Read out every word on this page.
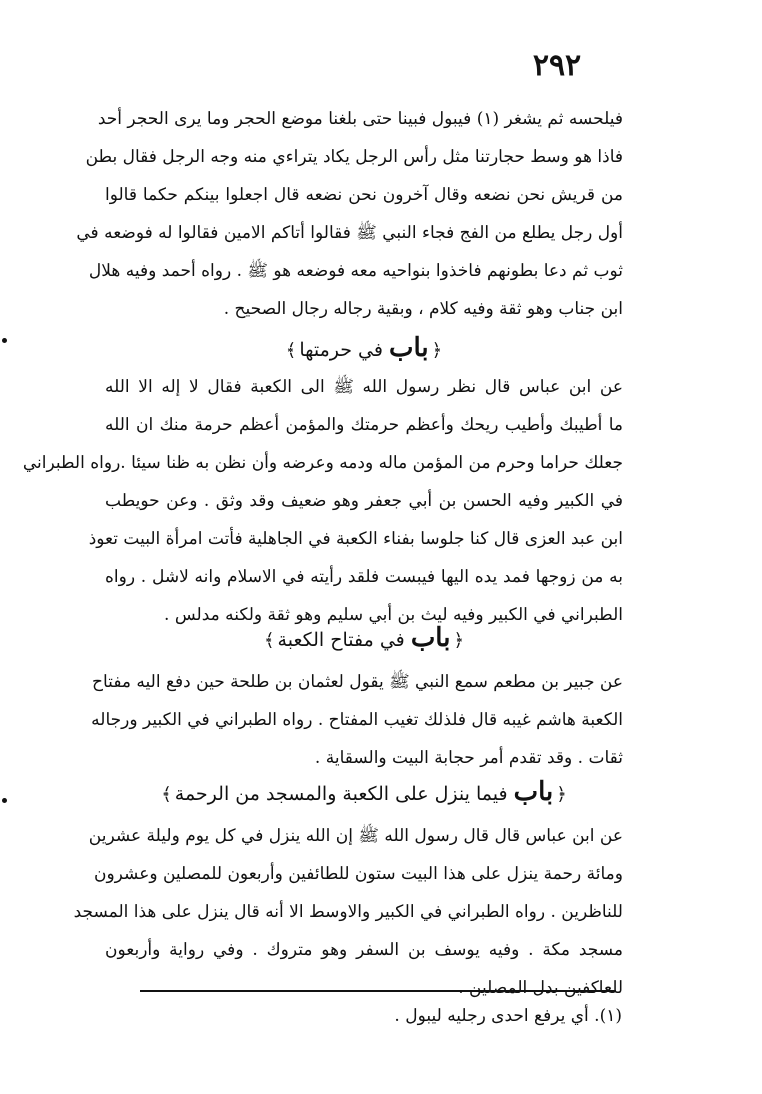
٢٩٢
فيلحسه ثم يشغر (١) فيبول فبينا حتى بلغنا موضع الحجر وما يرى الحجر أحد
فاذا هو وسط حجارتنا مثل رأس الرجل يكاد يتراءي منه وجه الرجل فقال بطن
من قريش نحن نضعه وقال آخرون نحن نضعه قال اجعلوا بينكم حكما قالوا
أول رجل يطلع من الفج فجاء النبي ﷺ فقالوا أتاكم الامين فقالوا له فوضعه في
ثوب ثم دعا بطونهم فاخذوا بنواحيه معه فوضعه هو ﷺ . رواه أحمد وفيه هلال
ابن جناب وهو ثقة وفيه كلام ، وبقية رجاله رجال الصحيح .
﴿باب في حرمتها﴾
عن ابن عباس قال نظر رسول الله ﷺ الى الكعبة فقال لا إله الا الله
ما أطيبك وأطيب ريحك وأعظم حرمتك والمؤمن أعظم حرمة منك ان الله
جعلك حراما وحرم من المؤمن ماله ودمه وعرضه وأن نظن به ظنا سيئا .رواه الطبراني
في الكبير وفيه الحسن بن أبي جعفر وهو ضعيف وقد وثق . وعن حويطب
ابن عبد العزى قال كنا جلوسا بفناء الكعبة في الجاهلية فأتت امرأة البيت تعوذ
به من زوجها فمد يده اليها فيبست فلقد رأيته في الاسلام وانه لاشل . رواه
الطبراني في الكبير وفيه ليث بن أبي سليم وهو ثقة ولكنه مدلس .
﴿باب في مفتاح الكعبة﴾
عن جبير بن مطعم سمع النبي ﷺ يقول لعثمان بن طلحة حين دفع اليه مفتاح
الكعبة هاشم غيبه قال فلذلك تغيب المفتاح . رواه الطبراني في الكبير ورجاله
ثقات . وقد تقدم أمر حجابة البيت والسقاية .
﴿باب فيما ينزل على الكعبة والمسجد من الرحمة﴾
عن ابن عباس قال قال رسول الله ﷺ إن الله ينزل في كل يوم وليلة عشرين
ومائة رحمة ينزل على هذا البيت ستون للطائفين وأربعون للمصلين وعشرون
للناظرين . رواه الطبراني في الكبير والاوسط الا أنه قال ينزل على هذا المسجد
مسجد مكة . وفيه يوسف بن السفر وهو متروك . وفي رواية وأربعون
للعاكفين بدل المصلين .
(١). أي يرفع احدى رجليه ليبول .
